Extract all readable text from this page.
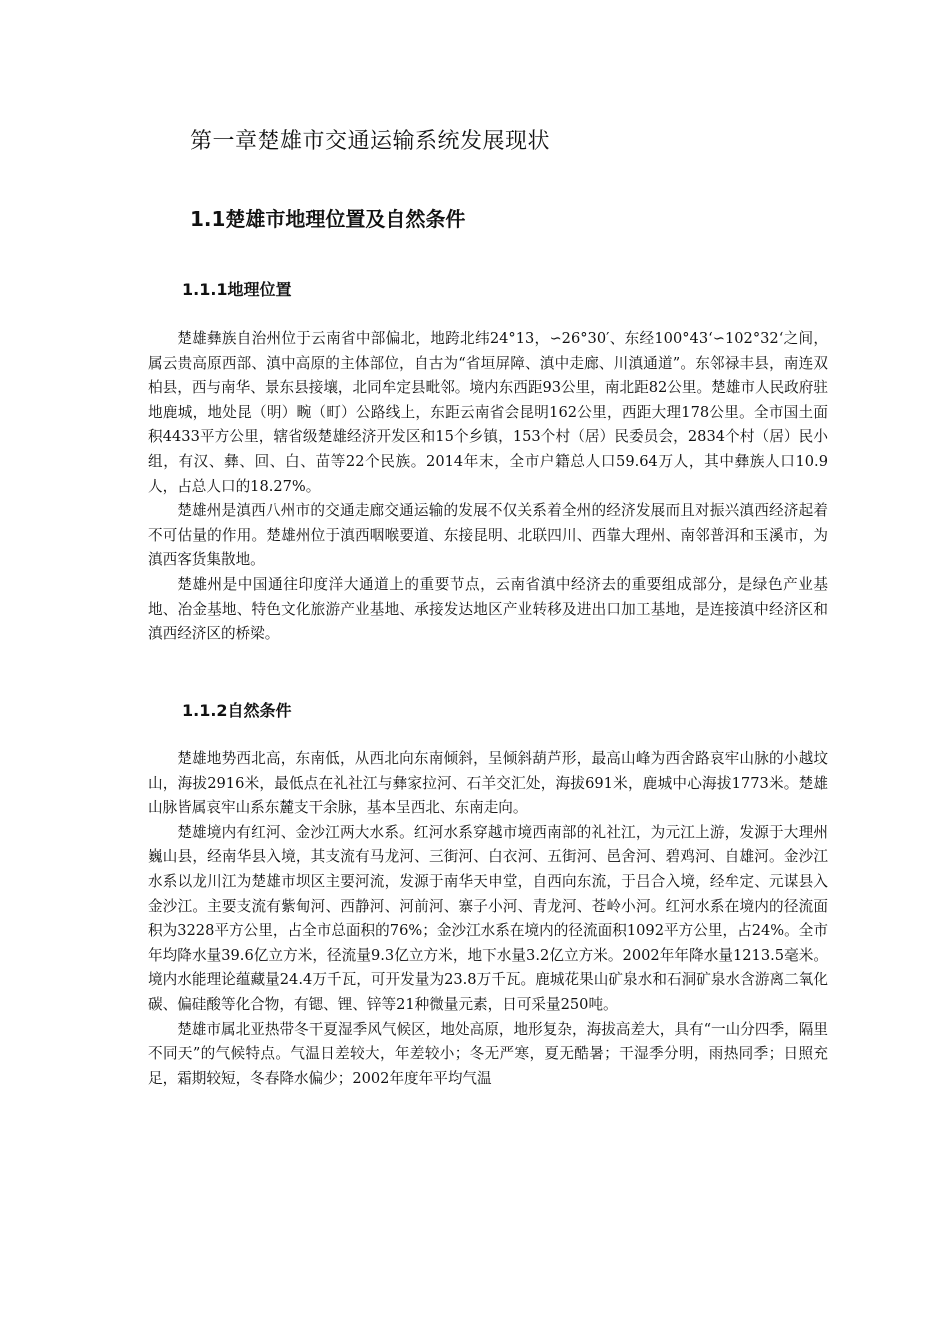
第一章楚雄市交通运输系统发展现状
1.1楚雄市地理位置及自然条件
1.1.1地理位置

楚雄彝族自治州位于云南省中部偏北，地跨北纬24°13，∽26°30′、东经100°43‘∽102°32‘之间，属云贵高原西部、滇中高原的主体部位，自古为“省垣屏障、滇中走廊、川滇通道”。东邻禄丰县，南连双柏县，西与南华、景东县接壤，北同牟定县毗邻。境内东西距93公里，南北距82公里。楚雄市人民政府驻地鹿城，地处昆（明）畹（町）公路线上，东距云南省会昆明162公里，西距大理178公里。全市国土面积4433平方公里，辖省级楚雄经济开发区和15个乡镇，153个村（居）民委员会，2834个村（居）民小组，有汉、彝、回、白、苗等22个民族。2014年末，全市户籍总人口59.64万人，其中彝族人口10.9人，占总人口的18.27%。

楚雄州是滇西八州市的交通走廊交通运输的发展不仅关系着全州的经济发展而且对振兴滇西经济起着不可估量的作用。楚雄州位于滇西咽喉要道、东接昆明、北联四川、西靠大理州、南邻普洱和玉溪市，为滇西客货集散地。

楚雄州是中国通往印度洋大通道上的重要节点，云南省滇中经济去的重要组成部分，是绿色产业基地、冶金基地、特色文化旅游产业基地、承接发达地区产业转移及进出口加工基地，是连接滇中经济区和滇西经济区的桥梁。

1.1.2自然条件

楚雄地势西北高，东南低，从西北向东南倾斜，呈倾斜葫芦形，最高山峰为西舍路哀牢山脉的小越坟山，海拔2916米，最低点在礼社江与彝家拉河、石羊交汇处，海拔691米，鹿城中心海拔1773米。楚雄山脉皆属哀牢山系东麓支干余脉，基本呈西北、东南走向。

楚雄境内有红河、金沙江两大水系。红河水系穿越市境西南部的礼社江，为元江上游，发源于大理州巍山县，经南华县入境，其支流有马龙河、三街河、白衣河、五街河、邑舍河、碧鸡河、自雄河。金沙江水系以龙川江为楚雄市坝区主要河流，发源于南华天申堂，自西向东流，于吕合入境，经牟定、元谋县入金沙江。主要支流有紫甸河、西静河、河前河、寨子小河、青龙河、苍岭小河。红河水系在境内的径流面积为3228平方公里，占全市总面积的76%；金沙江水系在境内的径流面积1092平方公里，占24%。全市年均降水量39.6亿立方米，径流量9.3亿立方米，地下水量3.2亿立方米。2002年年降水量1213.5毫米。境内水能理论蕴藏量24.4万千瓦，可开发量为23.8万千瓦。鹿城花果山矿泉水和石洞矿泉水含游离二氧化碳、偏硅酸等化合物，有锶、锂、锌等21种微量元素，日可采量250吨。

楚雄市属北亚热带冬干夏湿季风气候区，地处高原，地形复杂，海拔高差大，具有“一山分四季，隔里不同天”的气候特点。气温日差较大，年差较小；冬无严寒，夏无酷暑；干湿季分明，雨热同季；日照充足，霜期较短，冬春降水偏少；2002年度年平均气温
